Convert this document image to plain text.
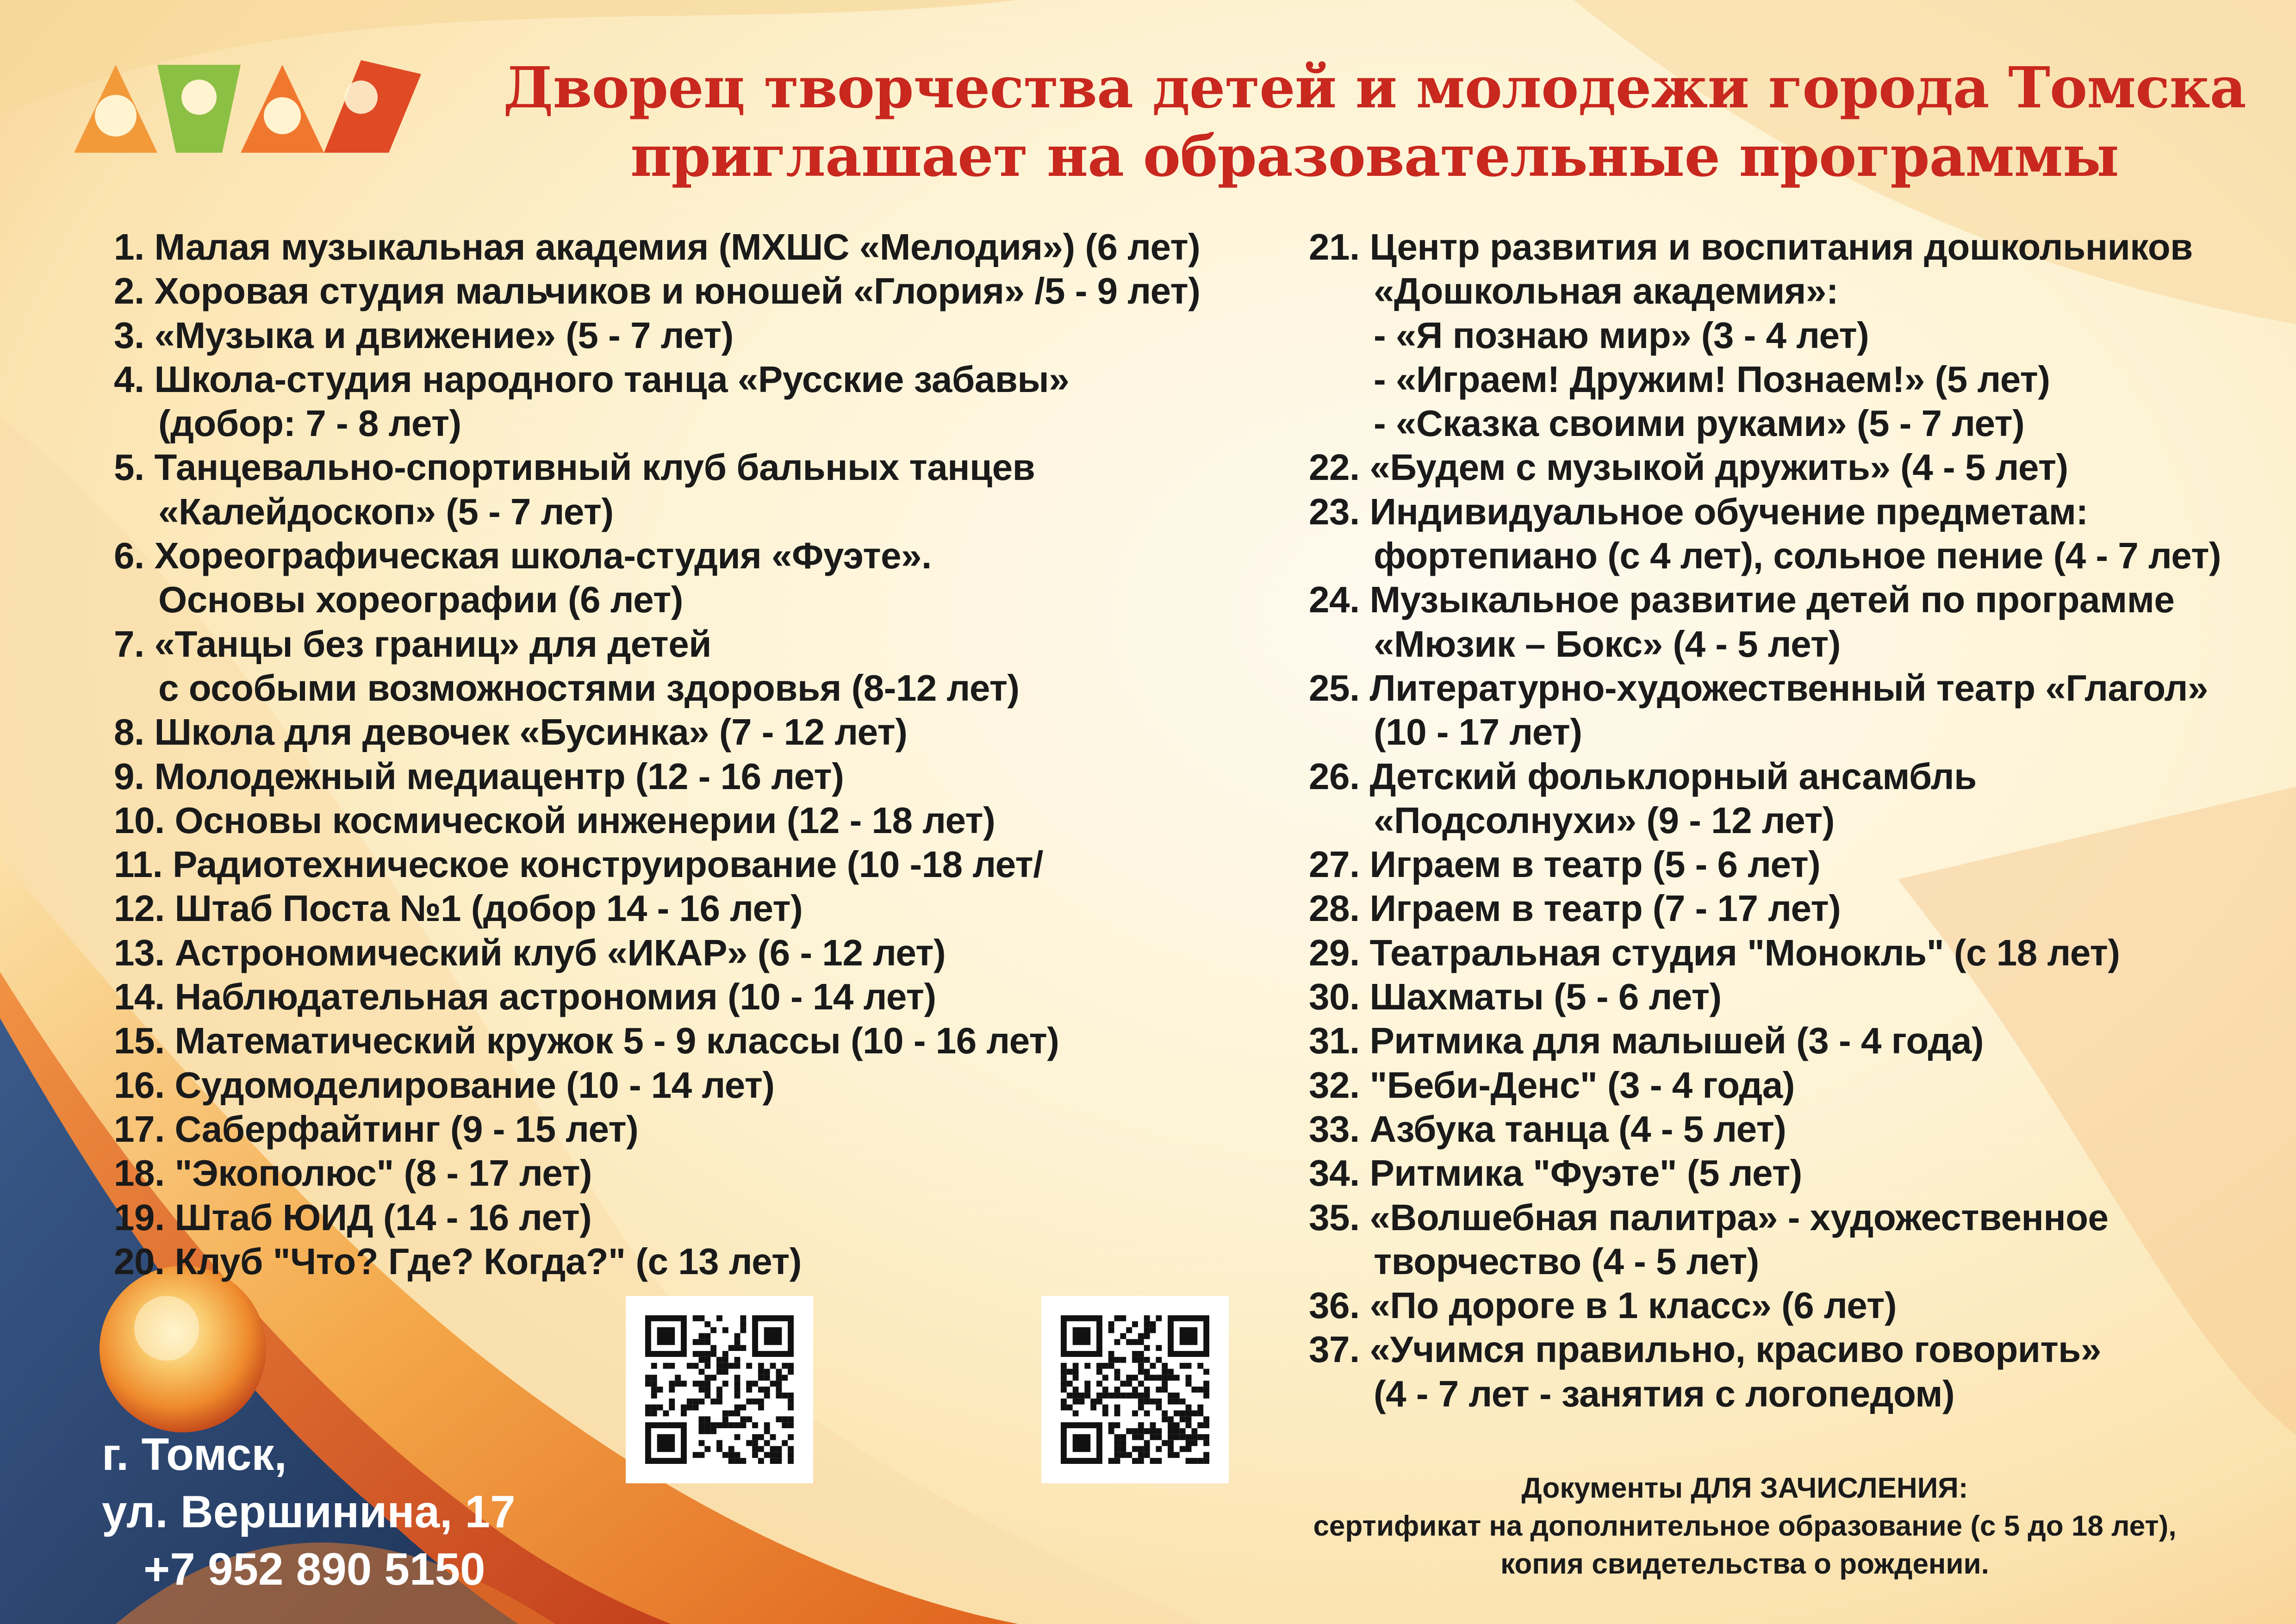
Дворец творчества детей и молодежи города Томска
приглашает на образовательные программы
1. Малая музыкальная академия (МХШС «Мелодия») (6 лет)
2. Хоровая студия мальчиков и юношей «Глория» /5 - 9 лет)
3. «Музыка и движение» (5 - 7 лет)
4. Школа-студия народного танца «Русские забавы»
(добор: 7 - 8 лет)
5. Танцевально-спортивный клуб бальных танцев
«Калейдоскоп» (5 - 7 лет)
6. Хореографическая школа-студия «Фуэте».
Основы хореографии (6 лет)
7. «Танцы без границ» для детей
с особыми возможностями здоровья (8-12 лет)
8. Школа для девочек «Бусинка» (7 - 12 лет)
9. Молодежный медиацентр (12 - 16 лет)
10. Основы космической инженерии (12 - 18 лет)
11. Радиотехническое конструирование (10 -18 лет/
12. Штаб Поста №1 (добор 14 - 16 лет)
13. Астрономический клуб «ИКАР» (6 - 12 лет)
14. Наблюдательная астрономия (10 - 14 лет)
15. Математический кружок 5 - 9 классы (10 - 16 лет)
16. Судомоделирование (10 - 14 лет)
17. Саберфайтинг (9 - 15 лет)
18. "Экополюс" (8 - 17 лет)
19. Штаб ЮИД (14 - 16 лет)
20. Клуб "Что? Где? Когда?" (с 13 лет)
21. Центр развития и воспитания дошкольников
«Дошкольная академия»:
- «Я познаю мир» (3 - 4 лет)
- «Играем! Дружим! Познаем!» (5 лет)
- «Сказка своими руками» (5 - 7 лет)
22. «Будем с музыкой дружить» (4 - 5 лет)
23. Индивидуальное обучение предметам:
фортепиано (с 4 лет), сольное пение (4 - 7 лет)
24. Музыкальное развитие детей по программе
«Мюзик – Бокс» (4 - 5 лет)
25. Литературно-художественный театр «Глагол»
(10 - 17 лет)
26. Детский фольклорный ансамбль
«Подсолнухи» (9 - 12 лет)
27. Играем в театр (5 - 6 лет)
28. Играем в театр (7 - 17 лет)
29. Театральная студия "Монокль" (с 18 лет)
30. Шахматы (5 - 6 лет)
31. Ритмика для малышей (3 - 4 года)
32. "Беби-Денс" (3 - 4 года)
33. Азбука танца (4 - 5 лет)
34. Ритмика "Фуэте" (5 лет)
35. «Волшебная палитра» - художественное
творчество (4 - 5 лет)
36. «По дороге в 1 класс» (6 лет)
37. «Учимся правильно, красиво говорить»
(4 - 7 лет - занятия с логопедом)
г. Томск,
ул. Вершинина, 17
+7 952 890 5150
Документы ДЛЯ ЗАЧИСЛЕНИЯ:
сертификат на дополнительное образование (с 5 до 18 лет),
копия свидетельства о рождении.
